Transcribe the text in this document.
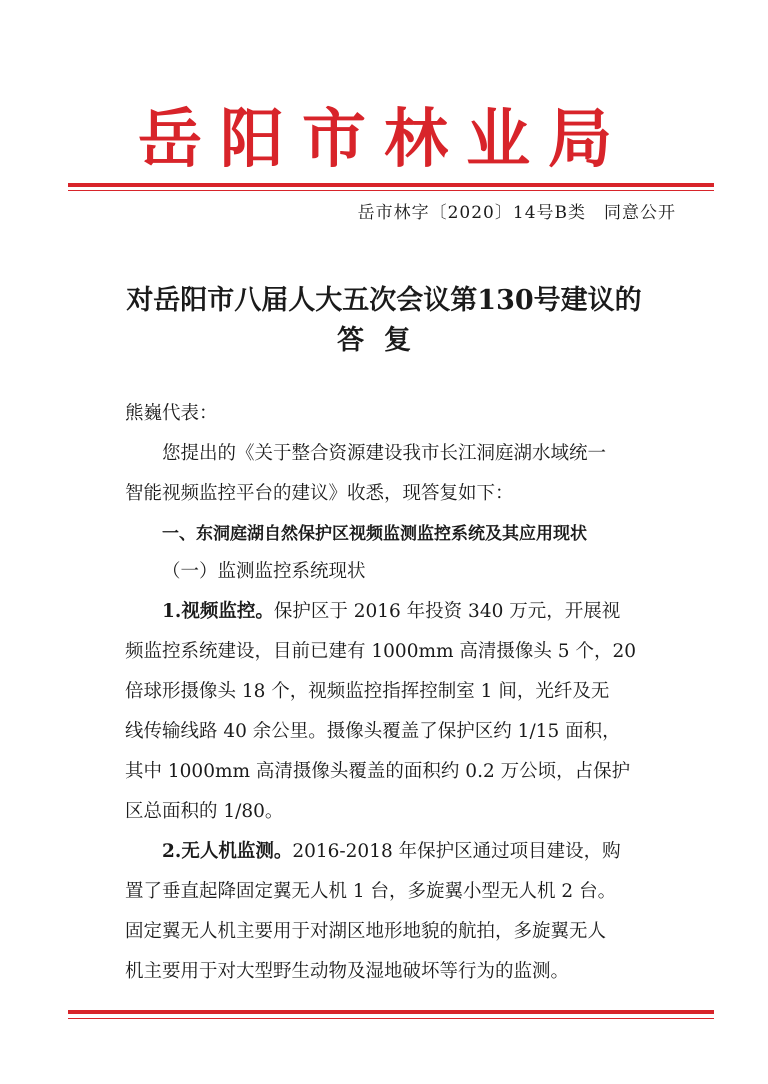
岳阳市林业局
岳市林字〔2020〕14号B类　同意公开
对岳阳市八届人大五次会议第130号建议的
答复
熊巍代表：
您提出的《关于整合资源建设我市长江洞庭湖水域统一
智能视频监控平台的建议》收悉，现答复如下：
一、东洞庭湖自然保护区视频监测监控系统及其应用现状
（一）监测监控系统现状
1.视频监控。保护区于 2016 年投资 340 万元，开展视
频监控系统建设，目前已建有 1000mm 高清摄像头 5 个，20
倍球形摄像头 18 个，视频监控指挥控制室 1 间，光纤及无
线传输线路 40 余公里。摄像头覆盖了保护区约 1/15 面积，
其中 1000mm 高清摄像头覆盖的面积约 0.2 万公顷，占保护
区总面积的 1/80。
2.无人机监测。2016-2018 年保护区通过项目建设，购
置了垂直起降固定翼无人机 1 台，多旋翼小型无人机 2 台。
固定翼无人机主要用于对湖区地形地貌的航拍，多旋翼无人
机主要用于对大型野生动物及湿地破坏等行为的监测。
